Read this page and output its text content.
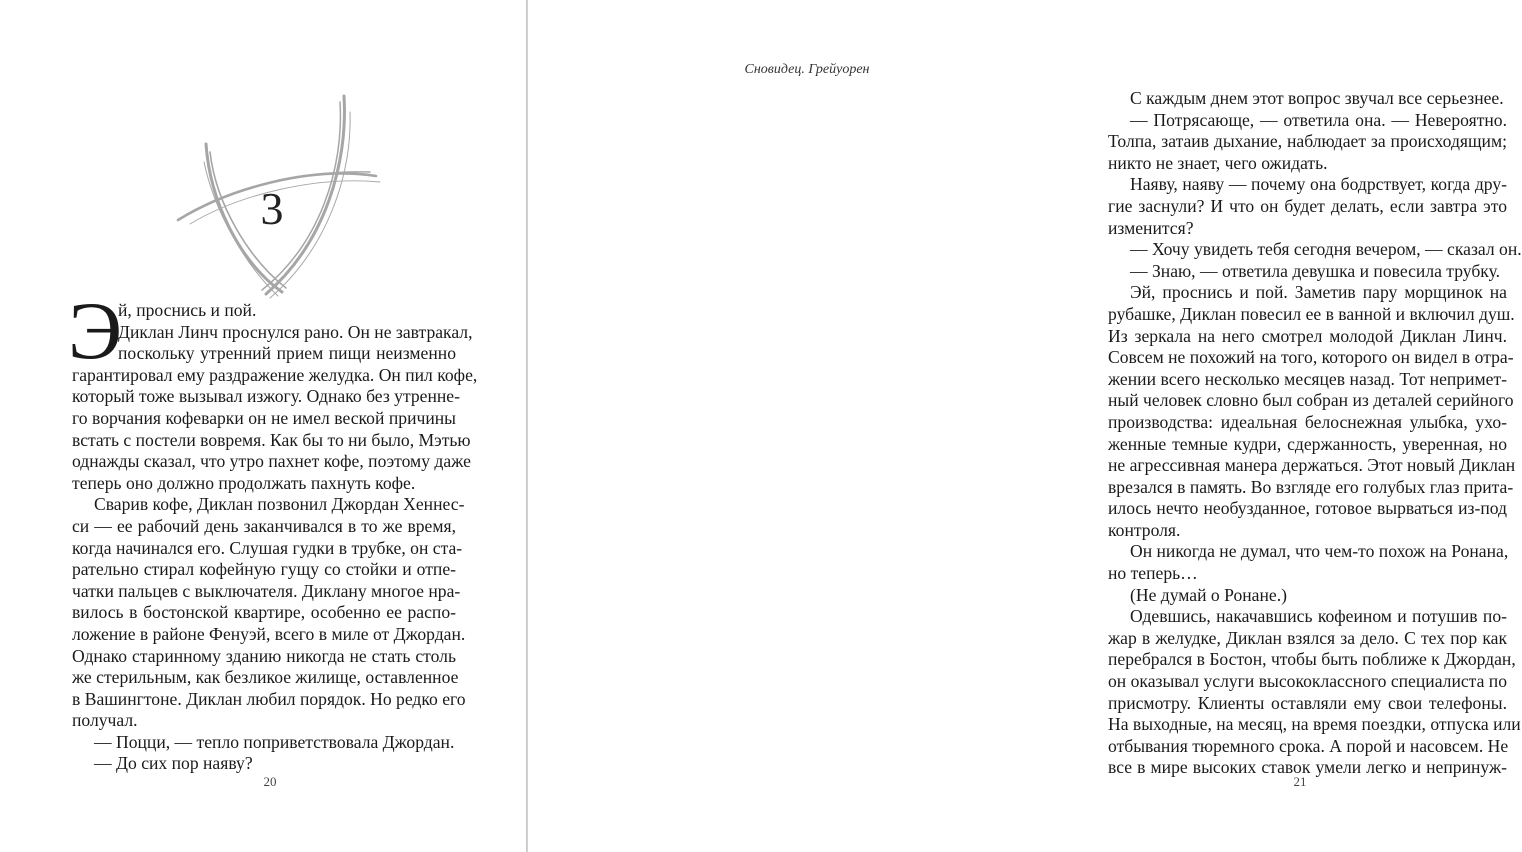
3
Э
й, проснись и пой.
Диклан Линч проснулся рано. Он не завтракал,
поскольку утренний прием пищи неизменно
гарантировал ему раздражение желудка. Он пил кофе,
который тоже вызывал изжогу. Однако без утренне-
го ворчания кофеварки он не имел веской причины
встать с постели вовремя. Как бы то ни было, Мэтью
однажды сказал, что утро пахнет кофе, поэтому даже
теперь оно должно продолжать пахнуть кофе.
Сварив кофе, Диклан позвонил Джордан Хеннес-
си — ее рабочий день заканчивался в то же время,
когда начинался его. Слушая гудки в трубке, он ста-
рательно стирал кофейную гущу со стойки и отпе-
чатки пальцев с выключателя. Диклану многое нра-
вилось в бостонской квартире, особенно ее распо-
ложение в районе Фенуэй, всего в миле от Джордан.
Однако старинному зданию никогда не стать столь
же стерильным, как безликое жилище, оставленное
в Вашингтоне. Диклан любил порядок. Но редко его
получал.
— Поцци, — тепло поприветствовала Джордан.
— До сих пор наяву?
20
Сновидец. Грейуорен
С каждым днем этот вопрос звучал все серьезнее.
— Потрясающе, — ответила она. — Невероятно.
Толпа, затаив дыхание, наблюдает за происходящим;
никто не знает, чего ожидать.
Наяву, наяву — почему она бодрствует, когда дру-
гие заснули? И что он будет делать, если завтра это
изменится?
— Хочу увидеть тебя сегодня вечером, — сказал он.
— Знаю, — ответила девушка и повесила трубку.
Эй, проснись и пой. Заметив пару морщинок на
рубашке, Диклан повесил ее в ванной и включил душ.
Из зеркала на него смотрел молодой Диклан Линч.
Совсем не похожий на того, которого он видел в отра-
жении всего несколько месяцев назад. Тот непримет-
ный человек словно был собран из деталей серийного
производства: идеальная белоснежная улыбка, ухо-
женные темные кудри, сдержанность, уверенная, но
не агрессивная манера держаться. Этот новый Диклан
врезался в память. Во взгляде его голубых глаз прита-
илось нечто необузданное, готовое вырваться из-под
контроля.
Он никогда не думал, что чем-то похож на Ронана,
но теперь…
(Не думай о Ронане.)
Одевшись, накачавшись кофеином и потушив по-
жар в желудке, Диклан взялся за дело. С тех пор как
перебрался в Бостон, чтобы быть поближе к Джордан,
он оказывал услуги высококлассного специалиста по
присмотру. Клиенты оставляли ему свои телефоны.
На выходные, на месяц, на время поездки, отпуска или
отбывания тюремного срока. А порой и насовсем. Не
все в мире высоких ставок умели легко и непринуж-
21
